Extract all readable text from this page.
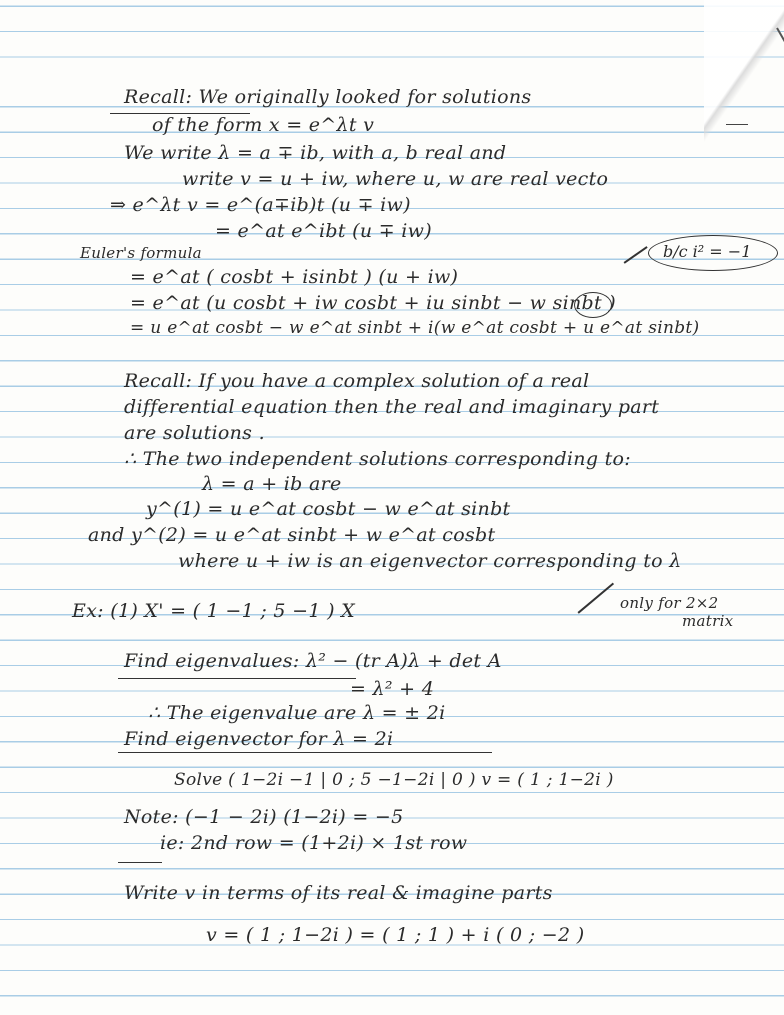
Recall: We originally looked for solutions
of the form x = e^λt v
We write λ = a ∓ ib, with a, b real and
write v = u + iw, where u, w are real vecto
⇒ e^λt v = e^(a∓ib)t (u ∓ iw)
= e^at e^ibt (u ∓ iw)
Euler's formula	b/c i² = −1
= e^at ( cosbt + isinbt ) (u + iw)
= e^at (u cosbt + iw cosbt + iu sinbt − w sinbt )
= u e^at cosbt − w e^at sinbt + i(w e^at cosbt + u e^at sinbt)
Recall: If you have a complex solution of a real
differential equation then the real and imaginary part
are solutions .
∴ The two independent solutions corresponding to:
λ = a + ib are
y^(1) = u e^at cosbt − w e^at sinbt
and y^(2) = u e^at sinbt + w e^at cosbt
where u + iw is an eigenvector corresponding to λ
Ex: (1) X' = ( 1 −1 ; 5 −1 ) X	only for 2×2
matrix
Find eigenvalues: λ² − (tr A)λ + det A
= λ² + 4
∴ The eigenvalue are λ = ± 2i
Find eigenvector for λ = 2i
Solve ( 1−2i −1 | 0 ; 5 −1−2i | 0 ) v = ( 1 ; 1−2i )
Note: (−1 − 2i) (1−2i) = −5
ie: 2nd row = (1+2i) × 1st row
Write v in terms of its real & imagine parts
v = ( 1 ; 1−2i ) = ( 1 ; 1 ) + i ( 0 ; −2 )
